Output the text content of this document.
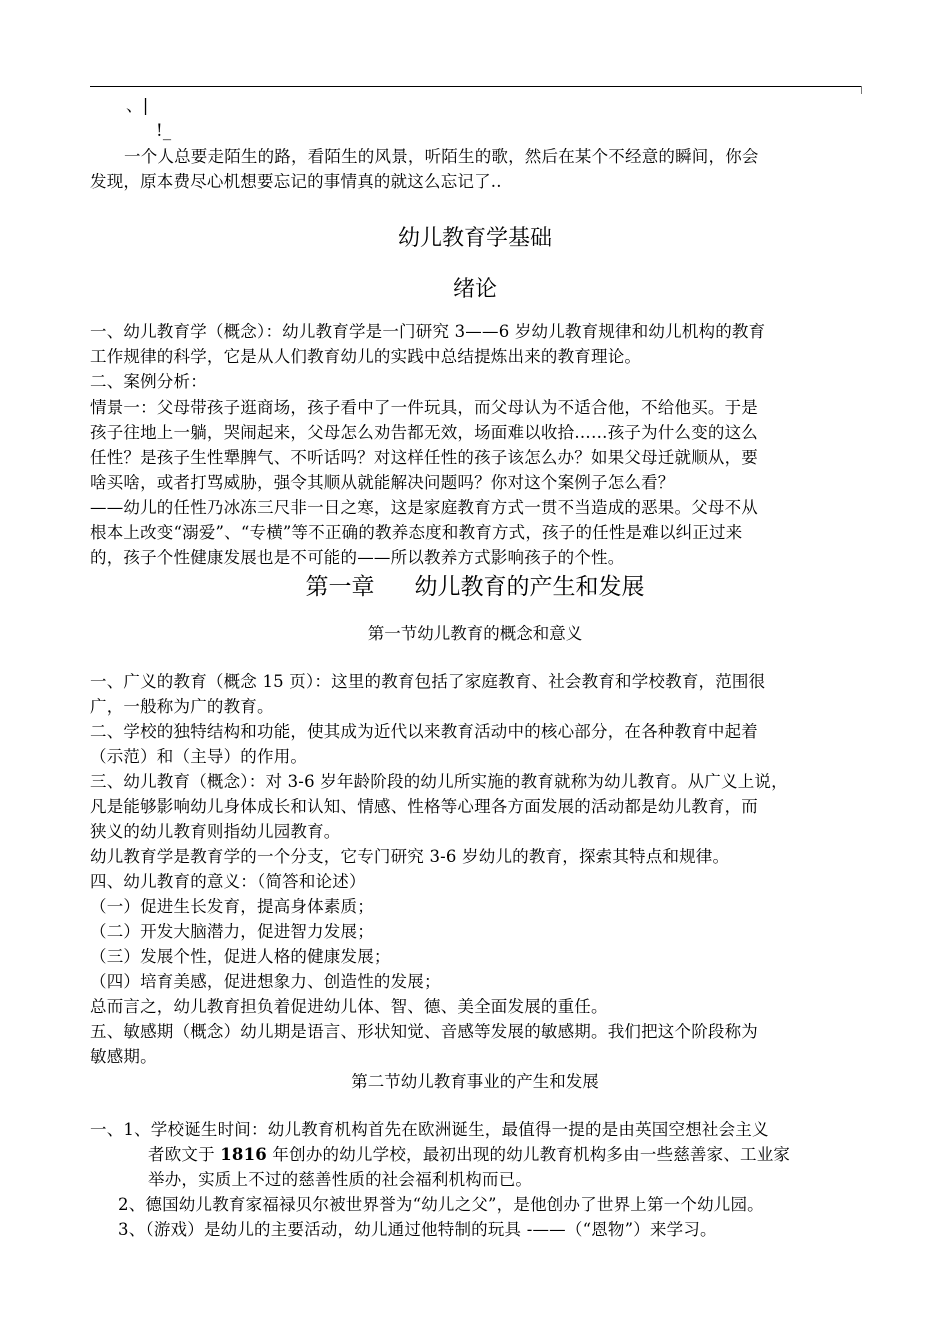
、|
!_
一个人总要走陌生的路，看陌生的风景，听陌生的歌，然后在某个不经意的瞬间，你会
发现，原本费尽心机想要忘记的事情真的就这么忘记了..
幼儿教育学基础
绪论
一、幼儿教育学（概念）：幼儿教育学是一门研究 3——6 岁幼儿教育规律和幼儿机构的教育
工作规律的科学，它是从人们教育幼儿的实践中总结提炼出来的教育理论。
二、案例分析：
情景一：父母带孩子逛商场，孩子看中了一件玩具，而父母认为不适合他，不给他买。于是
孩子往地上一躺，哭闹起来，父母怎么劝告都无效，场面难以收拾……孩子为什么变的这么
任性？是孩子生性犟脾气、不听话吗？对这样任性的孩子该怎么办？如果父母迁就顺从，要
啥买啥，或者打骂威胁，强令其顺从就能解决问题吗？你对这个案例子怎么看？
——幼儿的任性乃冰冻三尺非一日之寒，这是家庭教育方式一贯不当造成的恶果。父母不从
根本上改变“溺爱”、“专横”等不正确的教养态度和教育方式，孩子的任性是难以纠正过来
的，孩子个性健康发展也是不可能的——所以教养方式影响孩子的个性。
第一章 幼儿教育的产生和发展
第一节幼儿教育的概念和意义
一、广义的教育（概念 15 页）：这里的教育包括了家庭教育、社会教育和学校教育，范围很
广，一般称为广的教育。
二、学校的独特结构和功能，使其成为近代以来教育活动中的核心部分，在各种教育中起着
（示范）和（主导）的作用。
三、幼儿教育（概念）：对 3-6 岁年龄阶段的幼儿所实施的教育就称为幼儿教育。从广义上说，
凡是能够影响幼儿身体成长和认知、情感、性格等心理各方面发展的活动都是幼儿教育，而
狭义的幼儿教育则指幼儿园教育。
幼儿教育学是教育学的一个分支，它专门研究 3-6 岁幼儿的教育，探索其特点和规律。
四、幼儿教育的意义：（简答和论述）
（一）促进生长发育，提高身体素质；
（二）开发大脑潜力，促进智力发展；
（三）发展个性，促进人格的健康发展；
（四）培育美感，促进想象力、创造性的发展；
总而言之，幼儿教育担负着促进幼儿体、智、德、美全面发展的重任。
五、敏感期（概念）幼儿期是语言、形状知觉、音感等发展的敏感期。我们把这个阶段称为
敏感期。
第二节幼儿教育事业的产生和发展
一、1、学校诞生时间：幼儿教育机构首先在欧洲诞生，最值得一提的是由英国空想社会主义
者欧文于 1816 年创办的幼儿学校，最初出现的幼儿教育机构多由一些慈善家、工业家
举办，实质上不过的慈善性质的社会福利机构而已。
2、德国幼儿教育家福禄贝尔被世界誉为“幼儿之父”，是他创办了世界上第一个幼儿园。
3、（游戏）是幼儿的主要活动，幼儿通过他特制的玩具 -——（“恩物”）来学习。
